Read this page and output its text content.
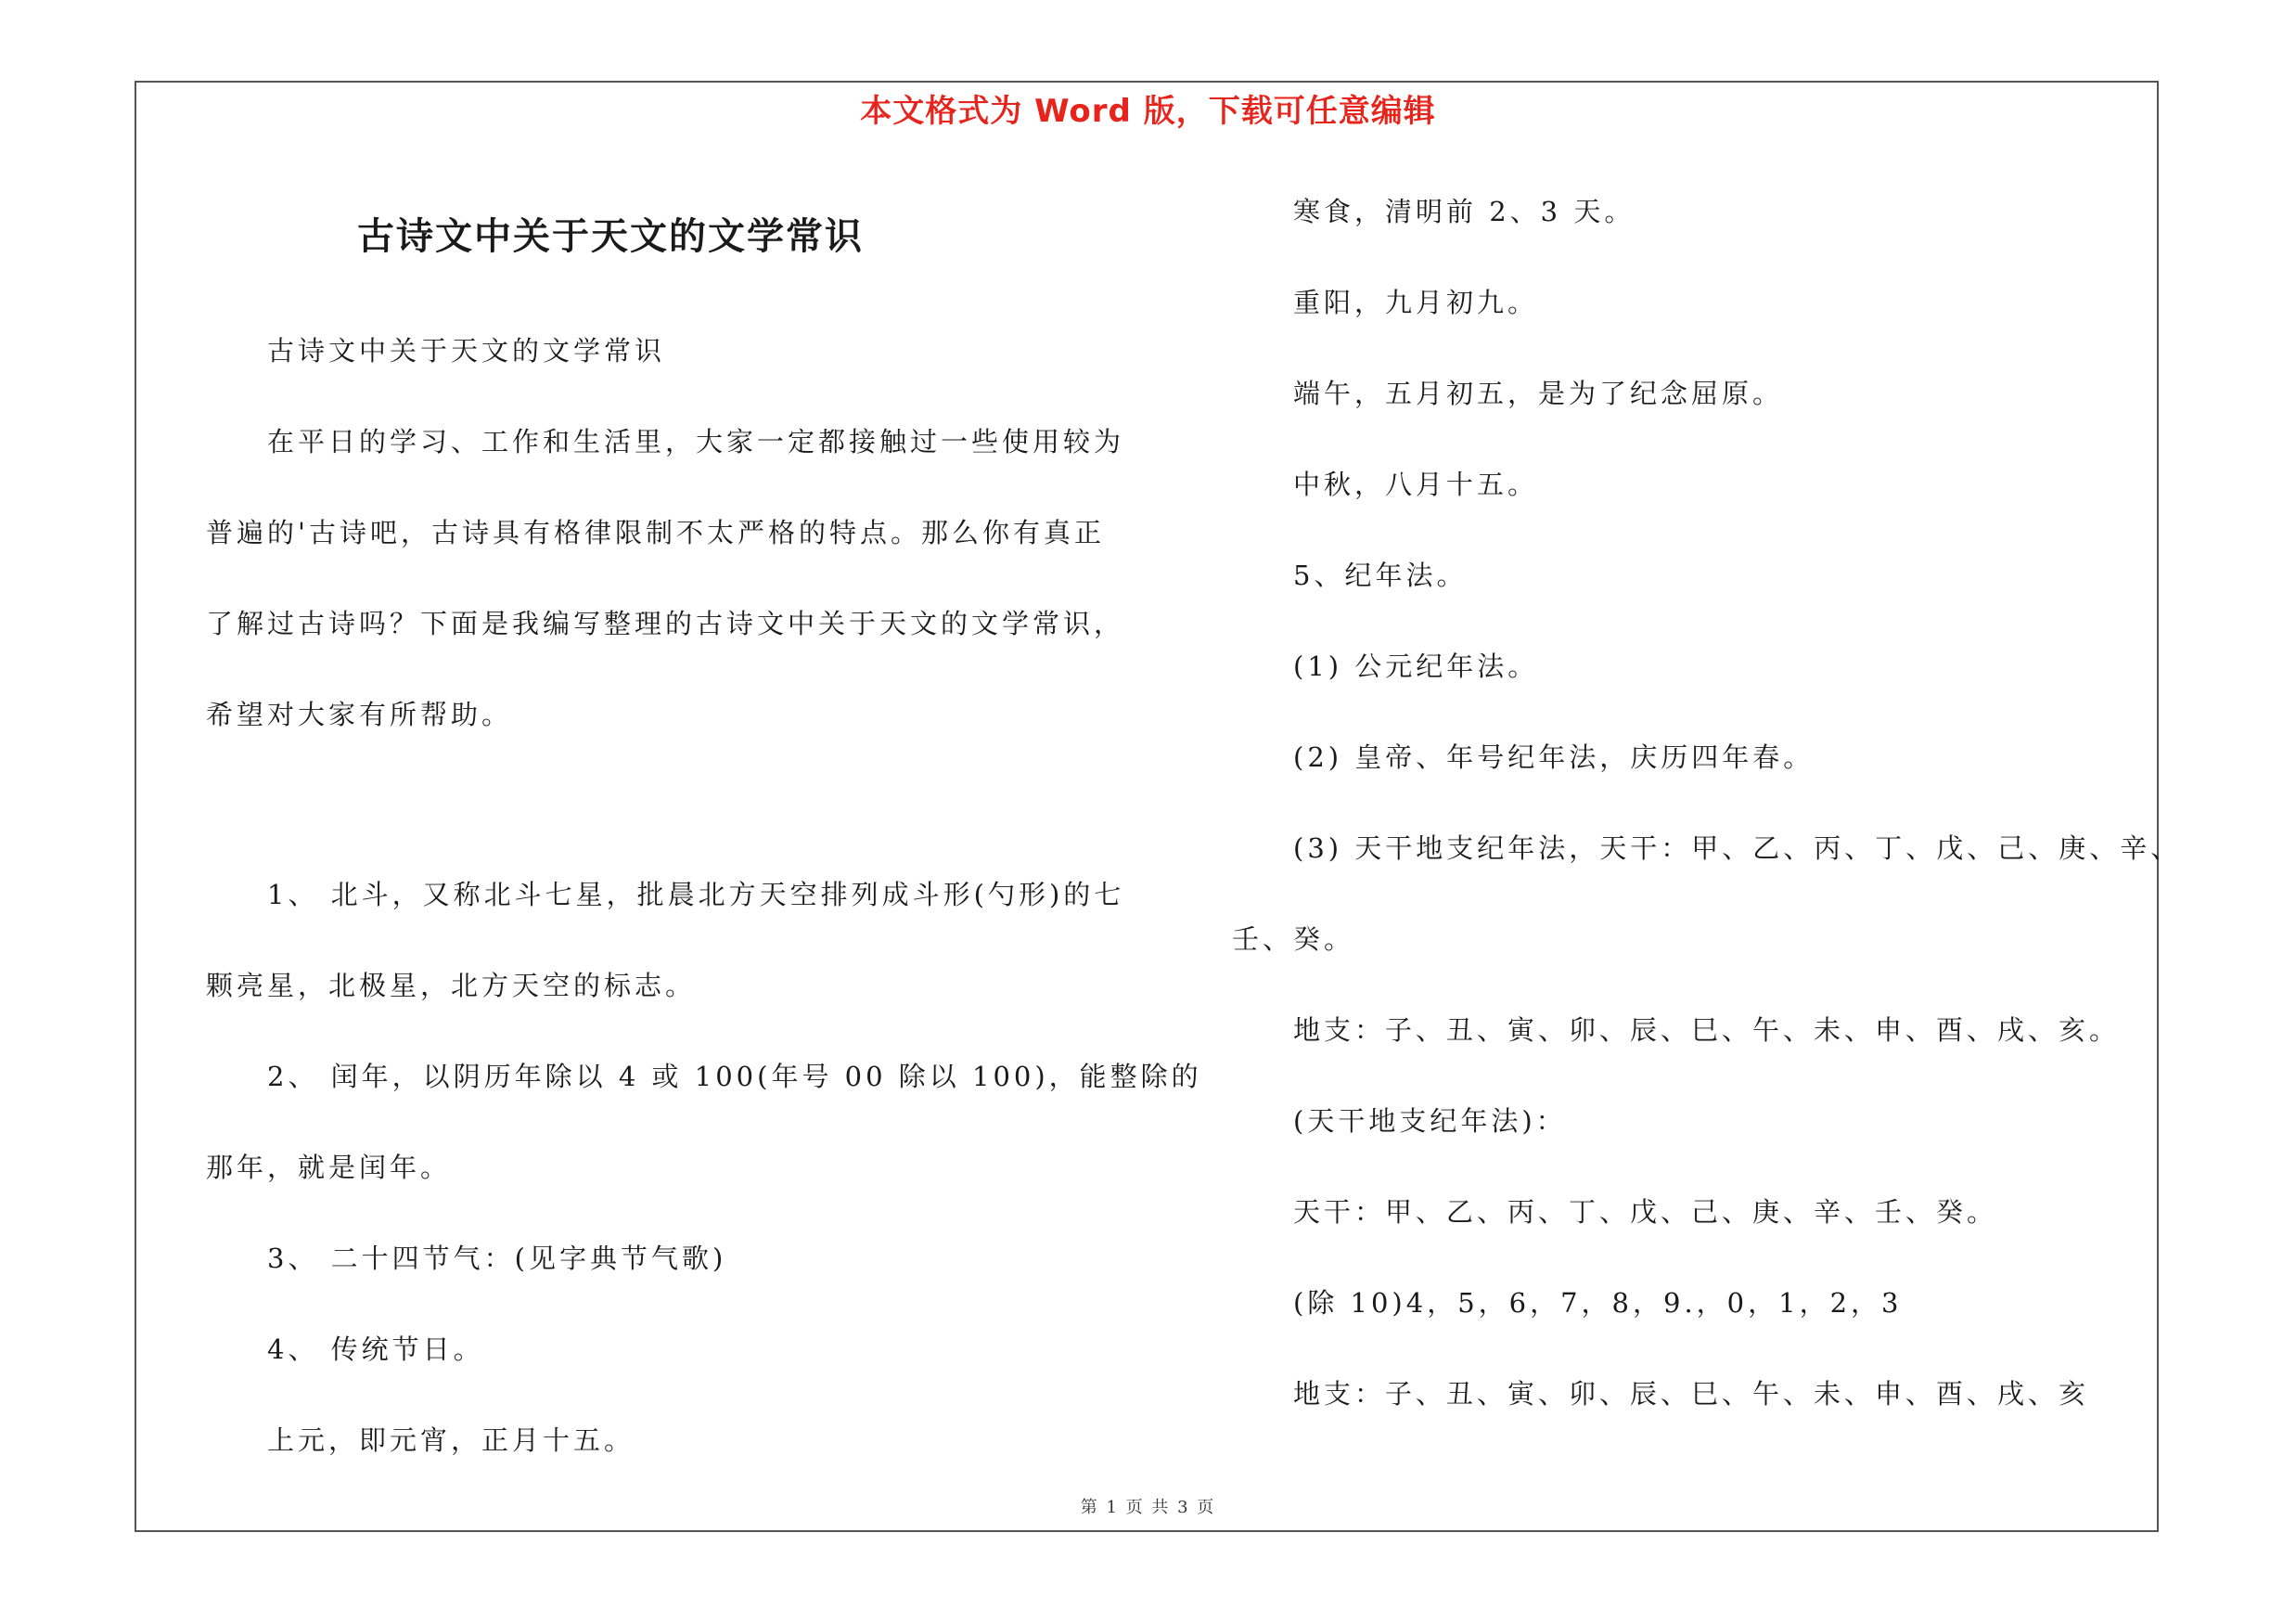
本文格式为 Word 版，下载可任意编辑
古诗文中关于天文的文学常识
古诗文中关于天文的文学常识
在平日的学习、工作和生活里，大家一定都接触过一些使用较为
普遍的'古诗吧，古诗具有格律限制不太严格的特点。那么你有真正
了解过古诗吗？下面是我编写整理的古诗文中关于天文的文学常识，
希望对大家有所帮助。
1、 北斗，又称北斗七星，批晨北方天空排列成斗形(勺形)的七
颗亮星，北极星，北方天空的标志。
2、 闰年，以阴历年除以 4 或 100(年号 00 除以 100)，能整除的
那年，就是闰年。
3、 二十四节气：(见字典节气歌)
4、 传统节日。
上元，即元宵，正月十五。
寒食，清明前 2、3 天。
重阳，九月初九。
端午，五月初五，是为了纪念屈原。
中秋，八月十五。
5、纪年法。
(1) 公元纪年法。
(2) 皇帝、年号纪年法，庆历四年春。
(3) 天干地支纪年法，天干：甲、乙、丙、丁、戊、己、庚、辛、
壬、癸。
地支：子、丑、寅、卯、辰、巳、午、未、申、酉、戌、亥。
(天干地支纪年法)：
天干：甲、乙、丙、丁、戊、己、庚、辛、壬、癸。
(除 10)4，5，6，7，8，9.，0，1，2，3
地支：子、丑、寅、卯、辰、巳、午、未、申、酉、戌、亥
第 1 页 共 3 页
